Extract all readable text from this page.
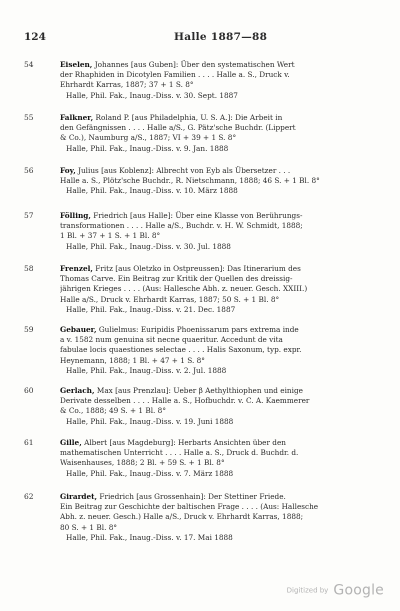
124	Halle 1887—88
54	Eiselen, Johannes [aus Guben]: Über den systematischen Wert
der Rhaphiden in Dicotylen Familien . . . . Halle a. S., Druck v.
Ehrhardt Karras, 1887; 37 + 1 S. 8°
Halle, Phil. Fak., Inaug.-Diss. v. 30. Sept. 1887
55	Falkner, Roland P. [aus Philadelphia, U. S. A.]: Die Arbeit in
den Gefängnissen . . . . Halle a/S., G. Pätz'sche Buchdr. (Lippert
& Co.), Naumburg a/S., 1887; VI + 39 + 1 S. 8°
Halle, Phil. Fak., Inaug.-Diss. v. 9. Jan. 1888
56	Foy, Julius [aus Koblenz]: Albrecht von Eyb als Übersetzer . . .
Halle a. S., Plötz'sche Buchdr., R. Nietschmann, 1888; 46 S. + 1 Bl. 8°
Halle, Phil. Fak., Inaug.-Diss. v. 10. März 1888
57	Fölling, Friedrich [aus Halle]: Über eine Klasse von Berührungs-
transformationen . . . . Halle a/S., Buchdr. v. H. W. Schmidt, 1888;
1 Bl. + 37 + 1 S. + 1 Bl. 8°
Halle, Phil. Fak., Inaug.-Diss. v. 30. Jul. 1888
58	Frenzel, Fritz [aus Oletzko in Ostpreussen]: Das Itinerarium des
Thomas Carve. Ein Beitrag zur Kritik der Quellen des dreissig-
jährigen Krieges . . . . (Aus: Hallesche Abh. z. neuer. Gesch. XXIII.)
Halle a/S., Druck v. Ehrhardt Karras, 1887; 50 S. + 1 Bl. 8°
Halle, Phil. Fak., Inaug.-Diss. v. 21. Dec. 1887
59	Gebauer, Gulielmus: Euripidis Phoenissarum pars extrema inde
a v. 1582 num genuina sit necne quaeritur. Accedunt de vita
fabulae locis quaestiones selectae . . . . Halis Saxonum, typ. expr.
Heynemann, 1888; 1 Bl. + 47 + 1 S. 8°
Halle, Phil. Fak., Inaug.-Diss. v. 2. Jul. 1888
60	Gerlach, Max [aus Prenzlau]: Ueber β Aethylthiophen und einige
Derivate desselben . . . . Halle a. S., Hofbuchdr. v. C. A. Kaemmerer
& Co., 1888; 49 S. + 1 Bl. 8°
Halle, Phil. Fak., Inaug.-Diss. v. 19. Juni 1888
61	Gille, Albert [aus Magdeburg]: Herbarts Ansichten über den
mathematischen Unterricht . . . . Halle a. S., Druck d. Buchdr. d.
Waisenhauses, 1888; 2 Bl. + 59 S. + 1 Bl. 8°
Halle, Phil. Fak., Inaug.-Diss. v. 7. März 1888
62	Girardet, Friedrich [aus Grossenhain]: Der Stettiner Friede.
Ein Beitrag zur Geschichte der baltischen Frage . . . . (Aus: Hallesche
Abh. z. neuer. Gesch.) Halle a/S., Druck v. Ehrhardt Karras, 1888;
80 S. + 1 Bl. 8°
Halle, Phil. Fak., Inaug.-Diss. v. 17. Mai 1888
Digitized by Google
